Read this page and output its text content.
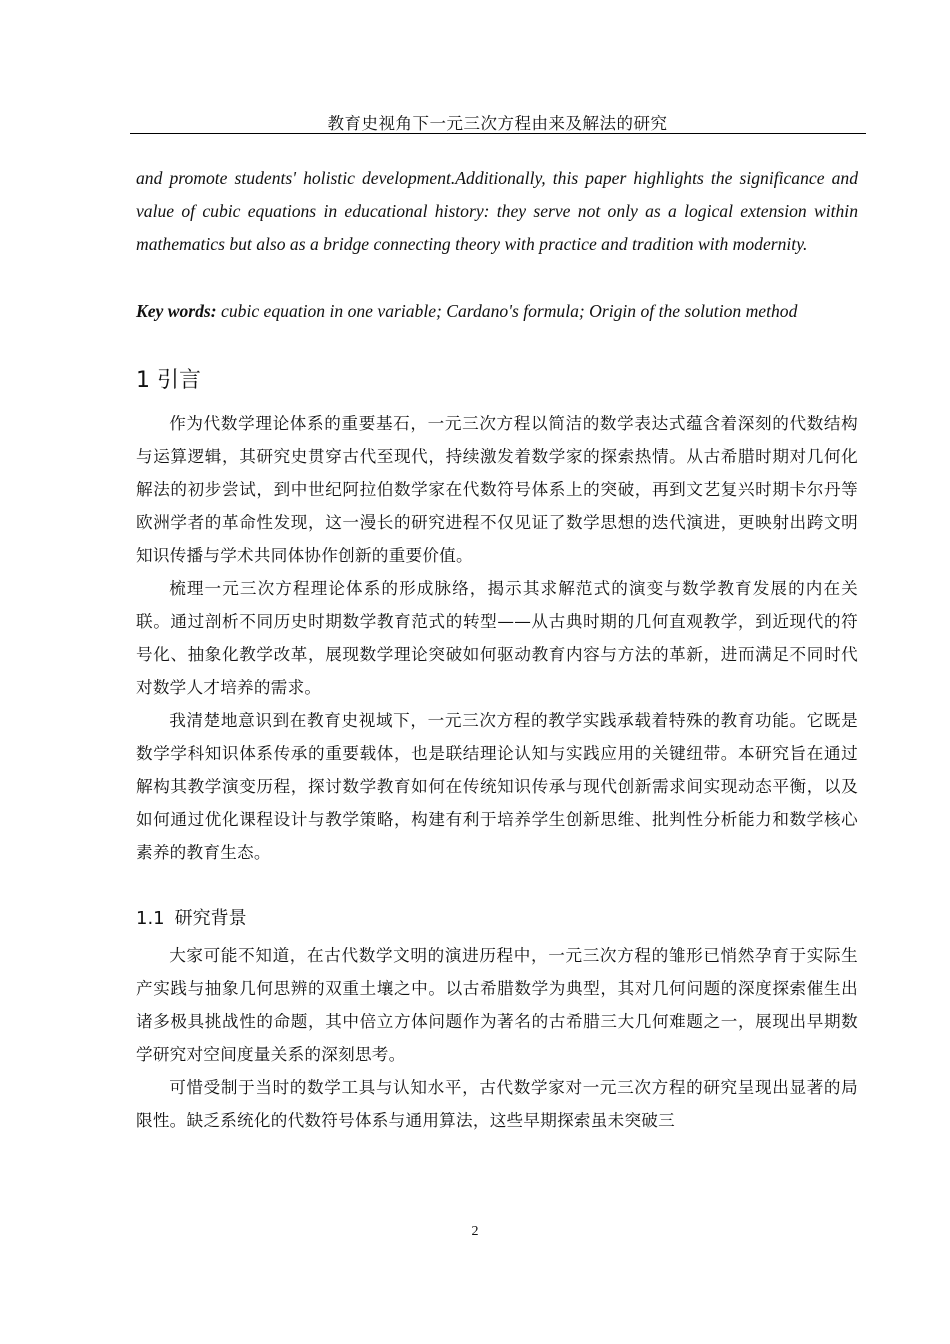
教育史视角下一元三次方程由来及解法的研究
and promote students' holistic development.Additionally, this paper highlights the significance and value of cubic equations in educational history: they serve not only as a logical extension within mathematics but also as a bridge connecting theory with practice and tradition with modernity.
Key words: cubic equation in one variable; Cardano's formula; Origin of the solution method
1 引言

作为代数学理论体系的重要基石，一元三次方程以简洁的数学表达式蕴含着深刻的代数结构与运算逻辑，其研究史贯穿古代至现代，持续激发着数学家的探索热情。从古希腊时期对几何化解法的初步尝试，到中世纪阿拉伯数学家在代数符号体系上的突破，再到文艺复兴时期卡尔丹等欧洲学者的革命性发现，这一漫长的研究进程不仅见证了数学思想的迭代演进，更映射出跨文明知识传播与学术共同体协作创新的重要价值。

梳理一元三次方程理论体系的形成脉络，揭示其求解范式的演变与数学教育发展的内在关联。通过剖析不同历史时期数学教育范式的转型——从古典时期的几何直观教学，到近现代的符号化、抽象化教学改革，展现数学理论突破如何驱动教育内容与方法的革新，进而满足不同时代对数学人才培养的需求。

我清楚地意识到在教育史视域下，一元三次方程的教学实践承载着特殊的教育功能。它既是数学学科知识体系传承的重要载体，也是联结理论认知与实践应用的关键纽带。本研究旨在通过解构其教学演变历程，探讨数学教育如何在传统知识传承与现代创新需求间实现动态平衡，以及如何通过优化课程设计与教学策略，构建有利于培养学生创新思维、批判性分析能力和数学核心素养的教育生态。

1.1 研究背景

大家可能不知道，在古代数学文明的演进历程中，一元三次方程的雏形已悄然孕育于实际生产实践与抽象几何思辨的双重土壤之中。以古希腊数学为典型，其对几何问题的深度探索催生出诸多极具挑战性的命题，其中倍立方体问题作为著名的古希腊三大几何难题之一，展现出早期数学研究对空间度量关系的深刻思考。

可惜受制于当时的数学工具与认知水平，古代数学家对一元三次方程的研究呈现出显著的局限性。缺乏系统化的代数符号体系与通用算法，这些早期探索虽未突破三

2
